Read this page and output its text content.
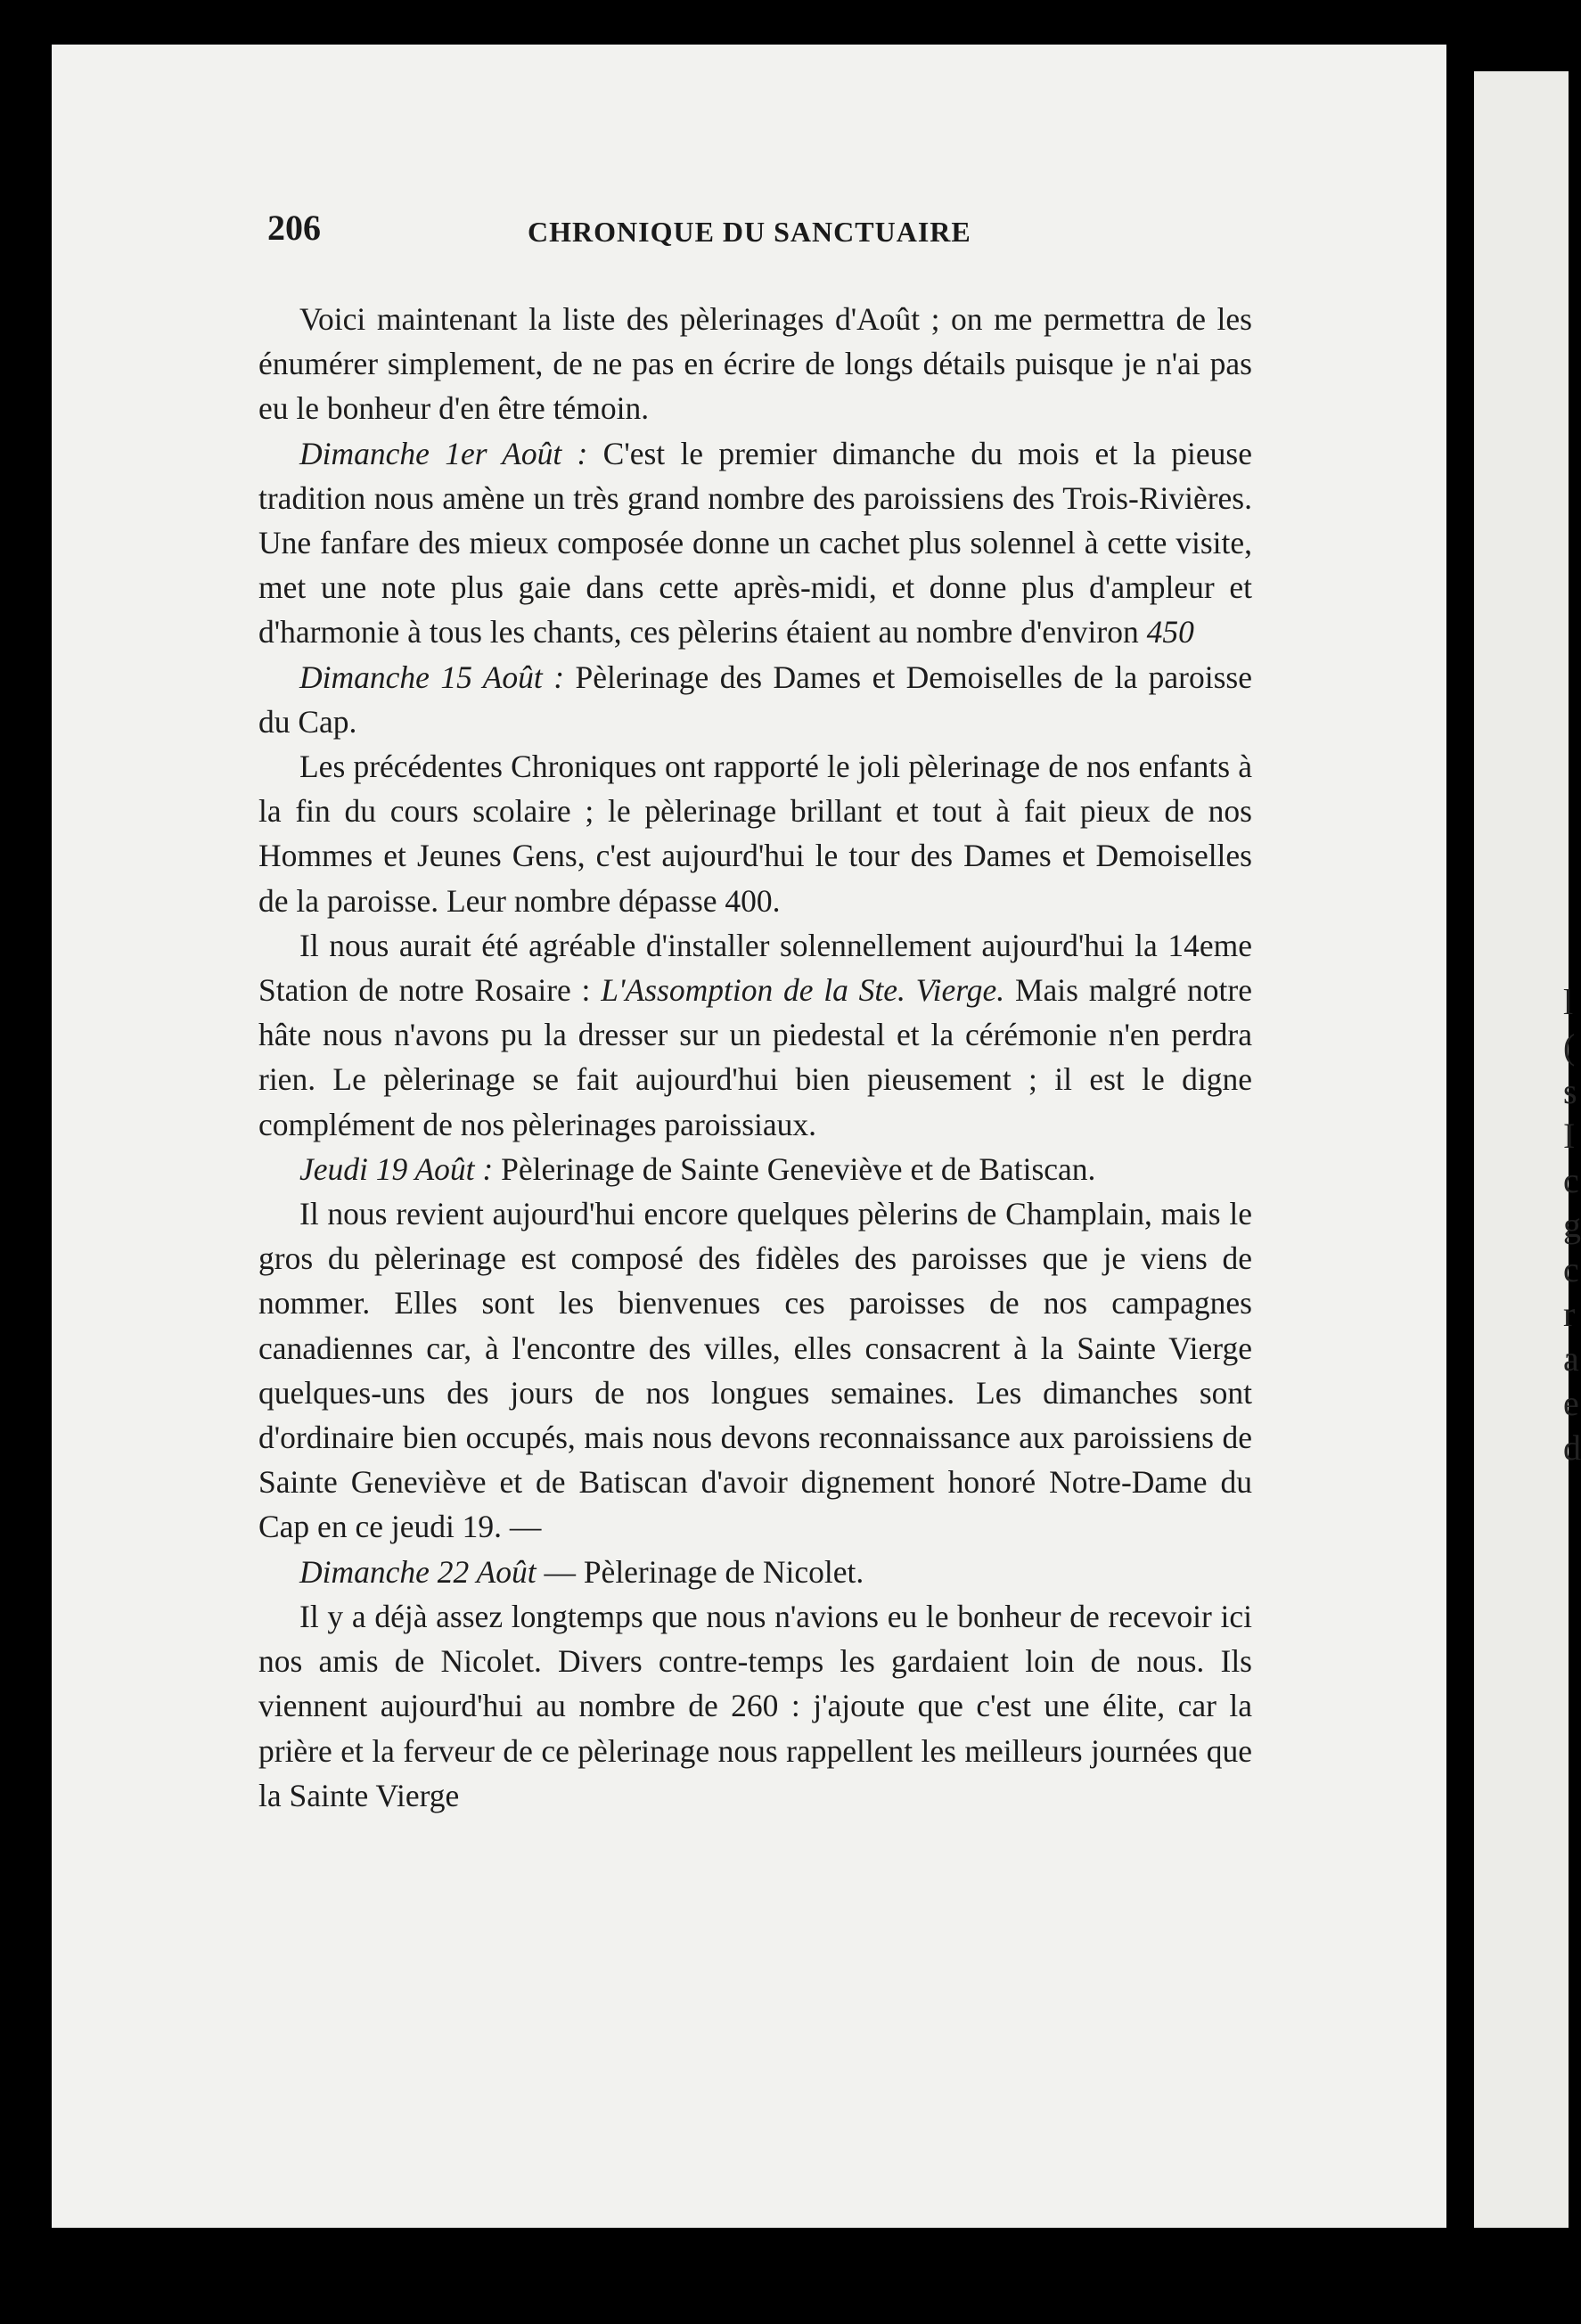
l
(
s
I
c
g
c
r
a
e
d
206	CHRONIQUE DU SANCTUAIRE

Voici maintenant la liste des pèlerinages d'Août ; on me permettra de les énumérer simplement, de ne pas en écrire de longs détails puisque je n'ai pas eu le bonheur d'en être témoin.

Dimanche 1er Août : C'est le premier dimanche du mois et la pieuse tradition nous amène un très grand nombre des paroissiens des Trois-Rivières. Une fanfare des mieux composée donne un cachet plus solennel à cette visite, met une note plus gaie dans cette après-midi, et donne plus d'ampleur et d'harmonie à tous les chants, ces pèlerins étaient au nombre d'environ 450

Dimanche 15 Août : Pèlerinage des Dames et Demoiselles de la paroisse du Cap.

Les précédentes Chroniques ont rapporté le joli pèlerinage de nos enfants à la fin du cours scolaire ; le pèlerinage brillant et tout à fait pieux de nos Hommes et Jeunes Gens, c'est aujourd'hui le tour des Dames et Demoiselles de la paroisse. Leur nombre dépasse 400.

Il nous aurait été agréable d'installer solennellement aujourd'hui la 14eme Station de notre Rosaire : L'Assomption de la Ste. Vierge. Mais malgré notre hâte nous n'avons pu la dresser sur un piedestal et la cérémonie n'en perdra rien. Le pèlerinage se fait aujourd'hui bien pieusement ; il est le digne complément de nos pèlerinages paroissiaux.

Jeudi 19 Août : Pèlerinage de Sainte Geneviève et de Batiscan.

Il nous revient aujourd'hui encore quelques pèlerins de Champlain, mais le gros du pèlerinage est composé des fidèles des paroisses que je viens de nommer. Elles sont les bienvenues ces paroisses de nos campagnes canadiennes car, à l'encontre des villes, elles consacrent à la Sainte Vierge quelques-uns des jours de nos longues semaines. Les dimanches sont d'ordinaire bien occupés, mais nous devons reconnaissance aux paroissiens de Sainte Geneviève et de Batiscan d'avoir dignement honoré Notre-Dame du Cap en ce jeudi 19. —

Dimanche 22 Août — Pèlerinage de Nicolet.

Il y a déjà assez longtemps que nous n'avions eu le bonheur de recevoir ici nos amis de Nicolet. Divers contre-temps les gardaient loin de nous. Ils viennent aujourd'hui au nombre de 260 : j'ajoute que c'est une élite, car la prière et la ferveur de ce pèlerinage nous rappellent les meilleurs journées que la Sainte Vierge
